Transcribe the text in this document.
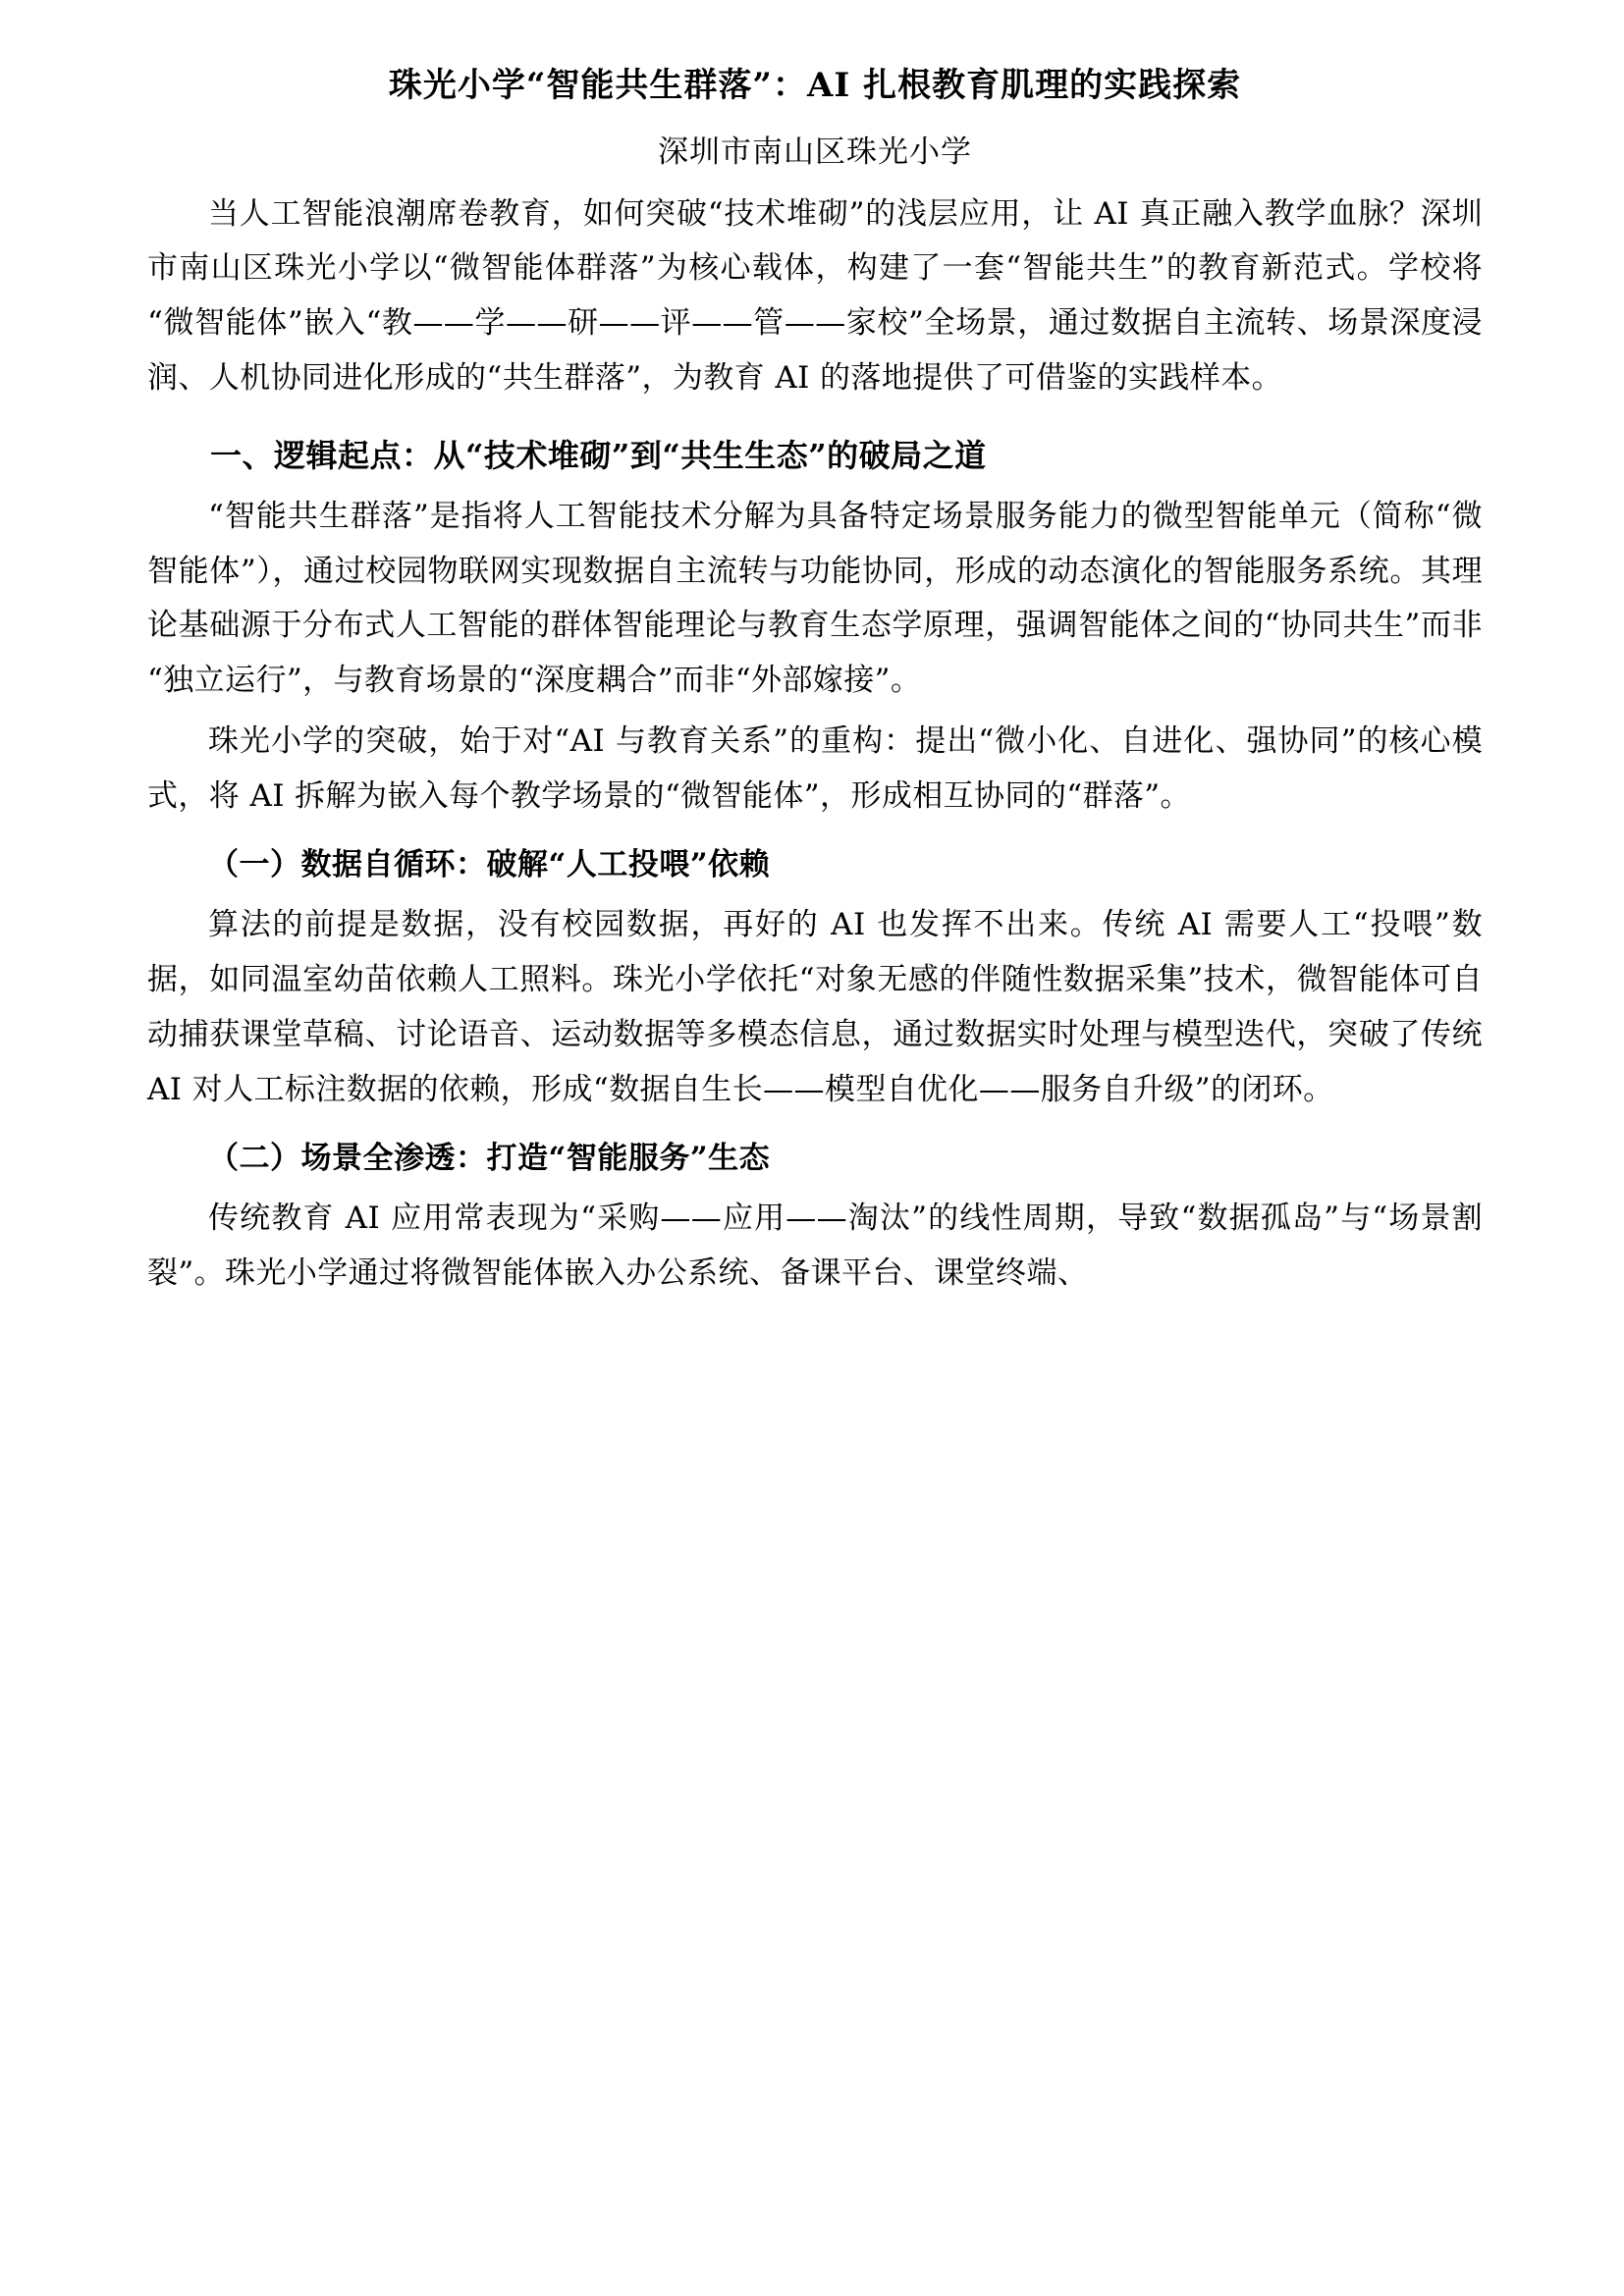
珠光小学“智能共生群落”：AI 扎根教育肌理的实践探索
深圳市南山区珠光小学

当人工智能浪潮席卷教育，如何突破“技术堆砌”的浅层应用，让 AI 真正融入教学血脉？深圳市南山区珠光小学以“微智能体群落”为核心载体，构建了一套“智能共生”的教育新范式。学校将“微智能体”嵌入“教——学——研——评——管——家校”全场景，通过数据自主流转、场景深度浸润、人机协同进化形成的“共生群落”，为教育 AI 的落地提供了可借鉴的实践样本。

一、逻辑起点：从“技术堆砌”到“共生生态”的破局之道

“智能共生群落”是指将人工智能技术分解为具备特定场景服务能力的微型智能单元（简称“微智能体”），通过校园物联网实现数据自主流转与功能协同，形成的动态演化的智能服务系统。其理论基础源于分布式人工智能的群体智能理论与教育生态学原理，强调智能体之间的“协同共生”而非“独立运行”，与教育场景的“深度耦合”而非“外部嫁接”。

珠光小学的突破，始于对“AI 与教育关系”的重构：提出“微小化、自进化、强协同”的核心模式，将 AI 拆解为嵌入每个教学场景的“微智能体”，形成相互协同的“群落”。

（一）数据自循环：破解“人工投喂”依赖

算法的前提是数据，没有校园数据，再好的 AI 也发挥不出来。传统 AI 需要人工“投喂”数据，如同温室幼苗依赖人工照料。珠光小学依托“对象无感的伴随性数据采集”技术，微智能体可自动捕获课堂草稿、讨论语音、运动数据等多模态信息，通过数据实时处理与模型迭代，突破了传统 AI 对人工标注数据的依赖，形成“数据自生长——模型自优化——服务自升级”的闭环。

（二）场景全渗透：打造“智能服务”生态

传统教育 AI 应用常表现为“采购——应用——淘汰”的线性周期，导致“数据孤岛”与“场景割裂”。珠光小学通过将微智能体嵌入办公系统、备课平台、课堂终端、
